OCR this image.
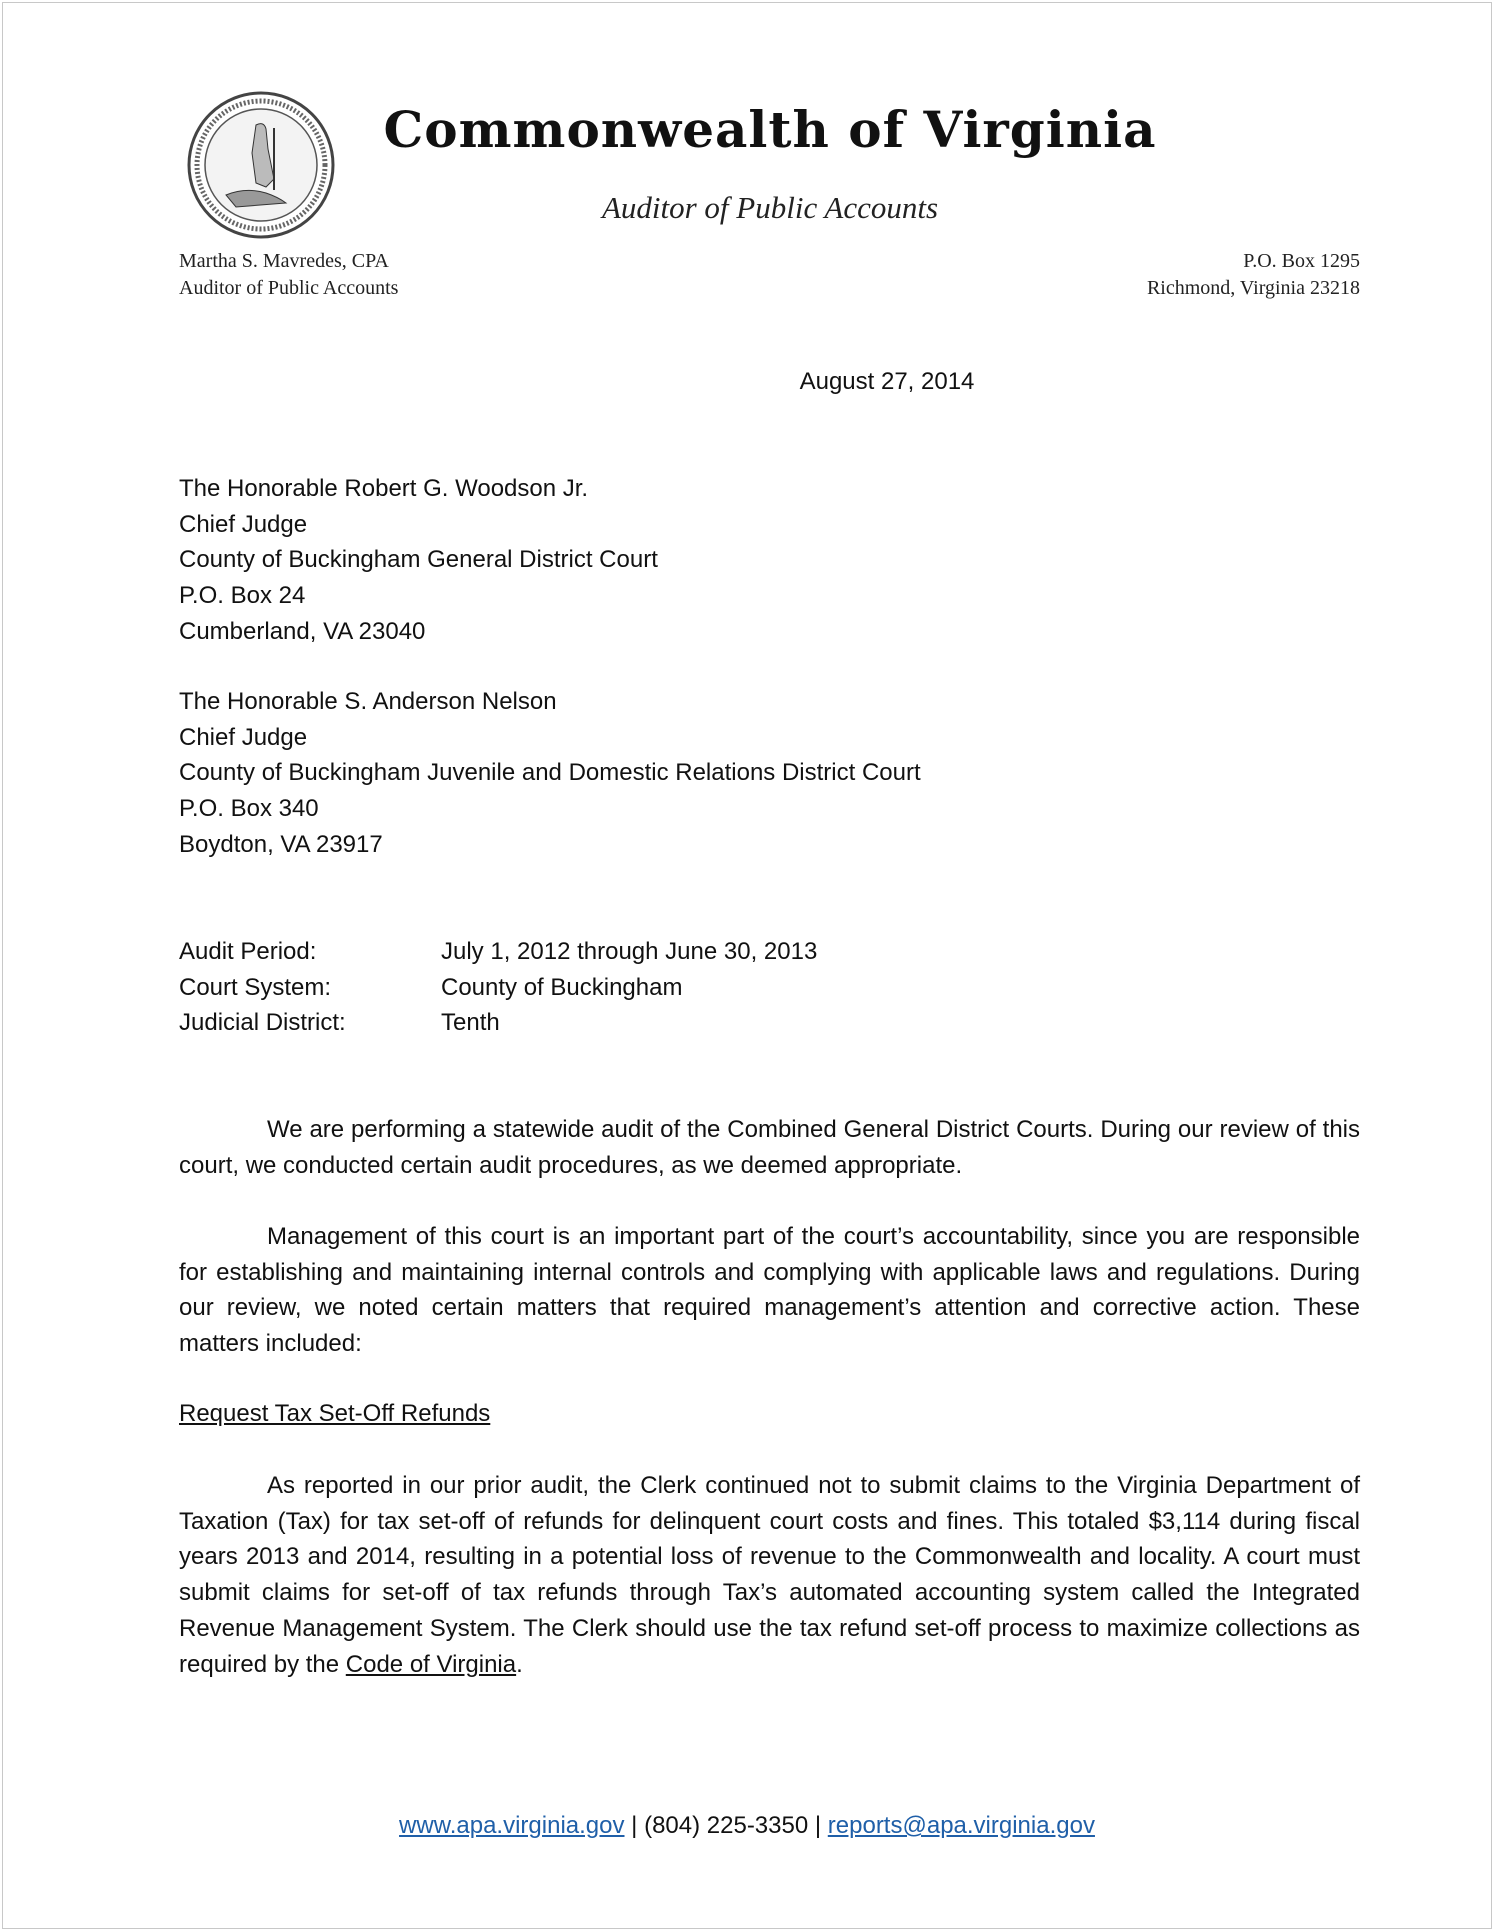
Commonwealth of Virginia
Auditor of Public Accounts
Martha S. Mavredes, CPA
Auditor of Public Accounts
P.O. Box 1295
Richmond, Virginia 23218
August 27, 2014
The Honorable Robert G. Woodson Jr.
Chief Judge
County of Buckingham General District Court
P.O. Box 24
Cumberland, VA 23040
The Honorable S. Anderson Nelson
Chief Judge
County of Buckingham Juvenile and Domestic Relations District Court
P.O. Box 340
Boydton, VA 23917
Audit Period:	July 1, 2012 through June 30, 2013
Court System:	County of Buckingham
Judicial District:	Tenth
We are performing a statewide audit of the Combined General District Courts. During our review of this court, we conducted certain audit procedures, as we deemed appropriate.
Management of this court is an important part of the court’s accountability, since you are responsible for establishing and maintaining internal controls and complying with applicable laws and regulations. During our review, we noted certain matters that required management’s attention and corrective action. These matters included:
Request Tax Set-Off Refunds
As reported in our prior audit, the Clerk continued not to submit claims to the Virginia Department of Taxation (Tax) for tax set-off of refunds for delinquent court costs and fines. This totaled $3,114 during fiscal years 2013 and 2014, resulting in a potential loss of revenue to the Commonwealth and locality. A court must submit claims for set-off of tax refunds through Tax’s automated accounting system called the Integrated Revenue Management System. The Clerk should use the tax refund set-off process to maximize collections as required by the Code of Virginia.
www.apa.virginia.gov | (804) 225-3350 | reports@apa.virginia.gov
